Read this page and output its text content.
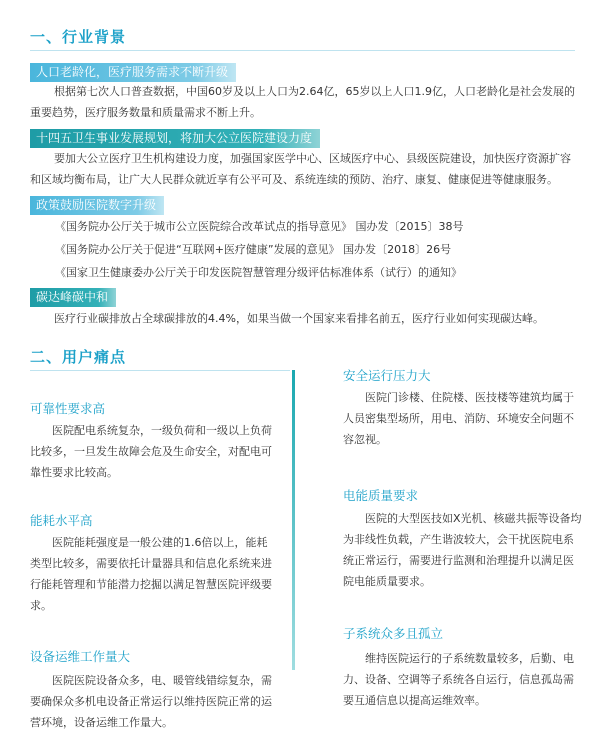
一、行业背景
人口老龄化，医疗服务需求不断升级
根据第七次人口普查数据，中国60岁及以上人口为2.64亿，65岁以上人口1.9亿，人口老龄化是社会发展的重要趋势，医疗服务数量和质量需求不断上升。
十四五卫生事业发展规划，将加大公立医院建设力度
要加大公立医疗卫生机构建设力度，加强国家医学中心、区域医疗中心、县级医院建设，加快医疗资源扩容和区域均衡布局，让广大人民群众就近享有公平可及、系统连续的预防、治疗、康复、健康促进等健康服务。
政策鼓励医院数字升级
《国务院办公厅关于城市公立医院综合改革试点的指导意见》 国办发〔2015〕38号
《国务院办公厅关于促进“互联网+医疗健康”发展的意见》 国办发〔2018〕26号
《国家卫生健康委办公厅关于印发医院智慧管理分级评估标准体系（试行）的通知》
碳达峰碳中和
医疗行业碳排放占全球碳排放的4.4%，如果当做一个国家来看排名前五，医疗行业如何实现碳达峰。
二、用户痛点
可靠性要求高
医院配电系统复杂，一级负荷和一级以上负荷比较多，一旦发生故障会危及生命安全，对配电可靠性要求比较高。
能耗水平高
医院能耗强度是一般公建的1.6倍以上，能耗类型比较多，需要依托计量器具和信息化系统来进行能耗管理和节能潜力挖掘以满足智慧医院评级要求。
设备运维工作量大
医院医院设备众多，电、暖管线错综复杂，需要确保众多机电设备正常运行以维持医院正常的运营环境，设备运维工作量大。
安全运行压力大
医院门诊楼、住院楼、医技楼等建筑均属于人员密集型场所，用电、消防、环境安全问题不容忽视。
电能质量要求
医院的大型医技如X光机、核磁共振等设备均为非线性负载，产生谐波较大，会干扰医院电系统正常运行，需要进行监测和治理提升以满足医院电能质量要求。
子系统众多且孤立
维持医院运行的子系统数量较多，后勤、电力、设备、空调等子系统各自运行，信息孤岛需要互通信息以提高运维效率。
